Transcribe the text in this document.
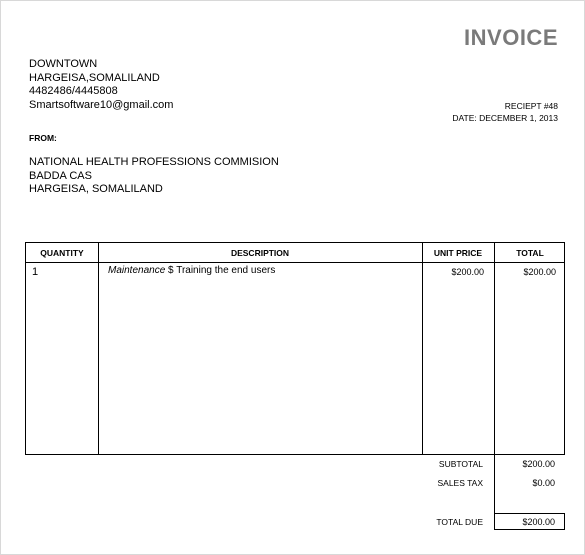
INVOICE
DOWNTOWN
HARGEISA,SOMALILAND
4482486/4445808
Smartsoftware10@gmail.com	RECIEPT #48
DATE: DECEMBER 1, 2013
FROM:
NATIONAL HEALTH PROFESSIONS COMMISION
BADDA CAS
HARGEISA, SOMALILAND
QUANTITY	DESCRIPTION	UNIT PRICE	TOTAL
1	Maintenance $ Training the end users	$200.00	$200.00
SUBTOTAL	$200.00
SALES TAX	$0.00
TOTAL DUE	$200.00
